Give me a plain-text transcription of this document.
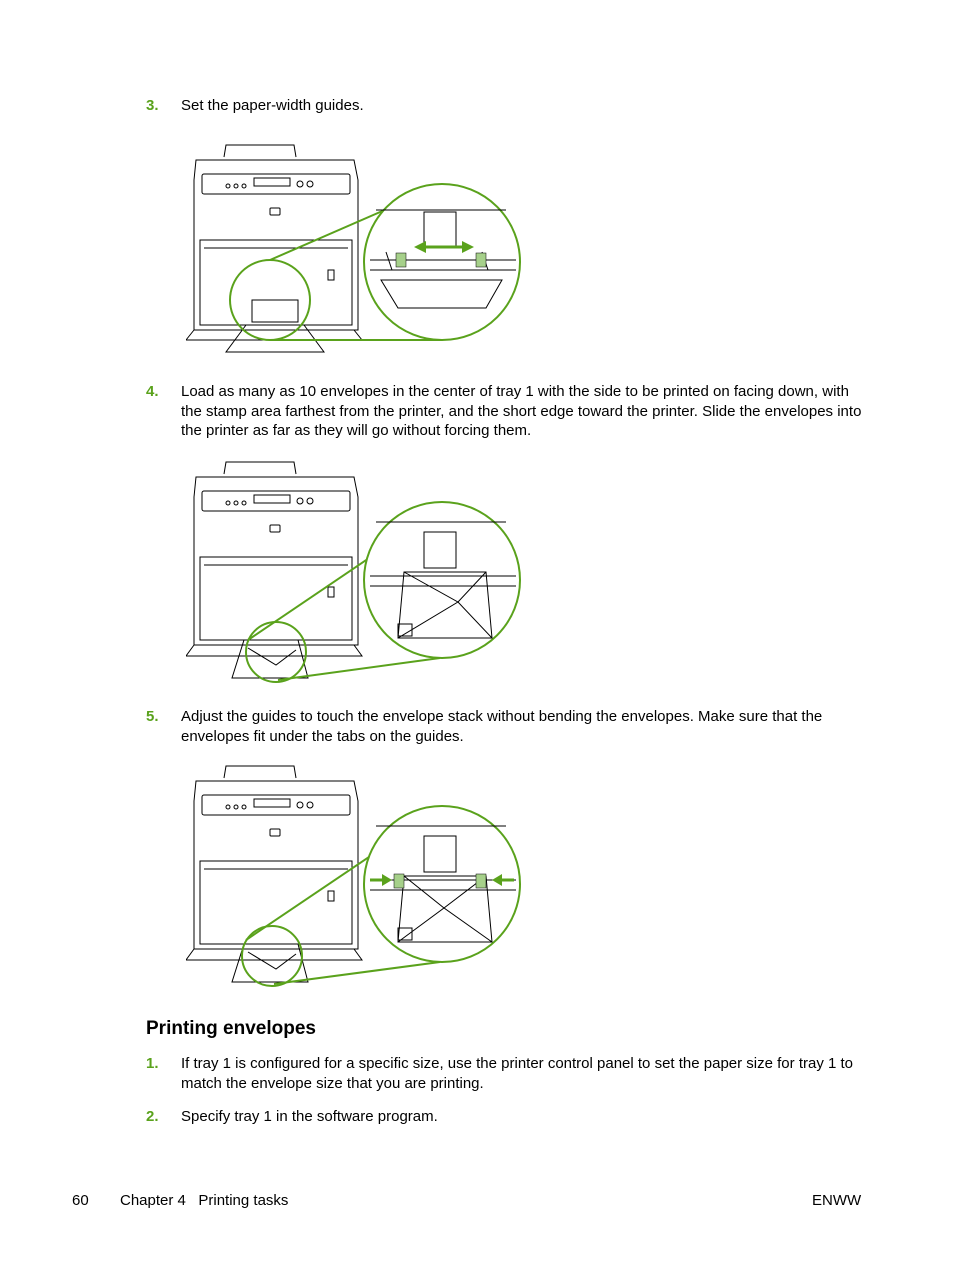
3. Set the paper-width guides.
4. Load as many as 10 envelopes in the center of tray 1 with the side to be printed on facing down, with the stamp area farthest from the printer, and the short edge toward the printer. Slide the envelopes into the printer as far as they will go without forcing them.
5. Adjust the guides to touch the envelope stack without bending the envelopes. Make sure that the envelopes fit under the tabs on the guides.
Printing envelopes
1. If tray 1 is configured for a specific size, use the printer control panel to set the paper size for tray 1 to match the envelope size that you are printing.
2. Specify tray 1 in the software program.
60 Chapter 4   Printing tasks	ENWW
